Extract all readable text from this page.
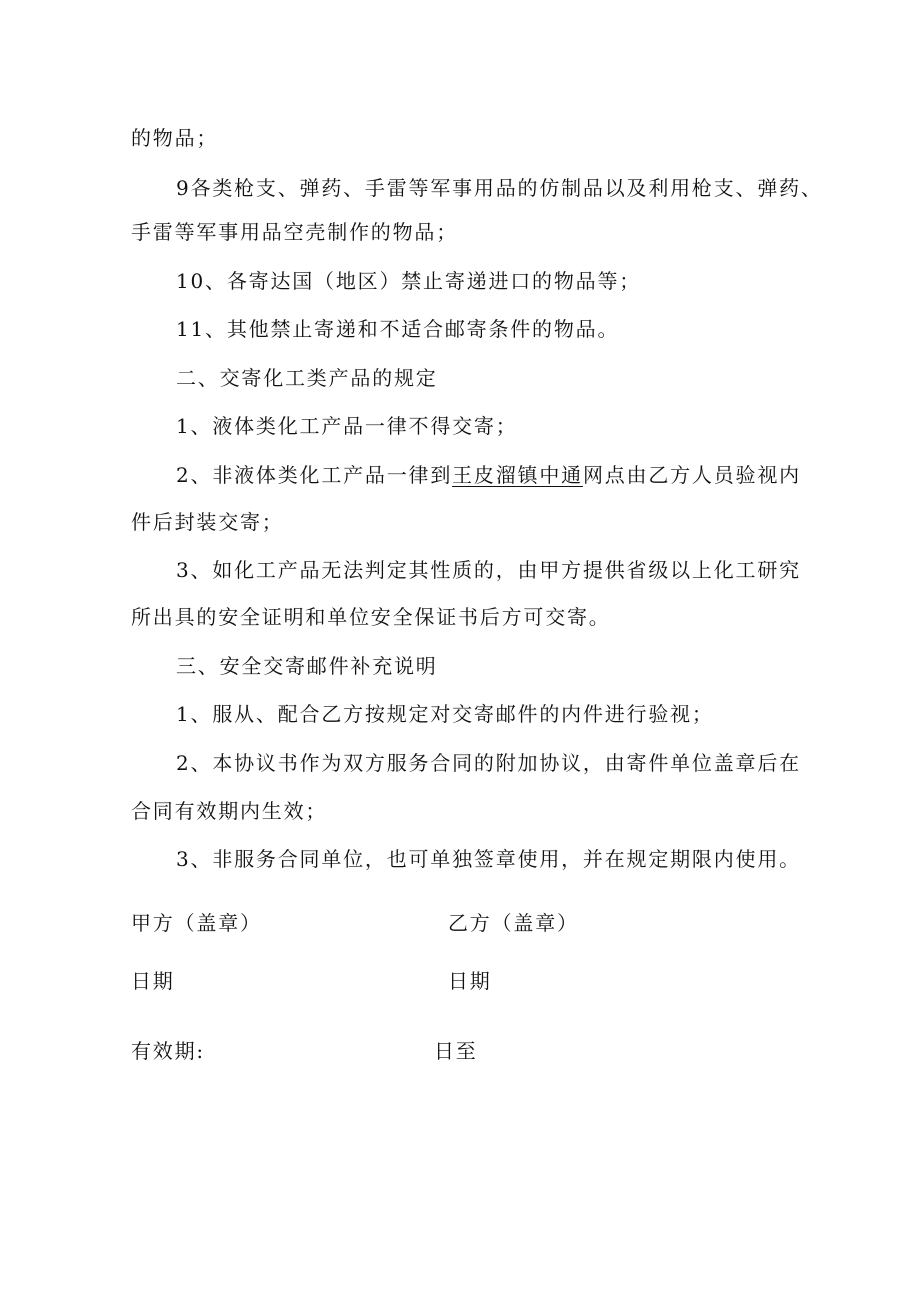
的物品；
9各类枪支、弹药、手雷等军事用品的仿制品以及利用枪支、弹药、
手雷等军事用品空壳制作的物品；
10、各寄达国（地区）禁止寄递进口的物品等；
11、其他禁止寄递和不适合邮寄条件的物品。
二、交寄化工类产品的规定
1、液体类化工产品一律不得交寄；
2、非液体类化工产品一律到王皮溜镇中通网点由乙方人员验视内
件后封装交寄；
3、如化工产品无法判定其性质的，由甲方提供省级以上化工研究
所出具的安全证明和单位安全保证书后方可交寄。
三、安全交寄邮件补充说明
1、服从、配合乙方按规定对交寄邮件的内件进行验视；
2、本协议书作为双方服务合同的附加协议，由寄件单位盖章后在
合同有效期内生效；
3、非服务合同单位，也可单独签章使用，并在规定期限内使用。
甲方（盖章）	乙方（盖章）
日期	日期
有效期:	日至
